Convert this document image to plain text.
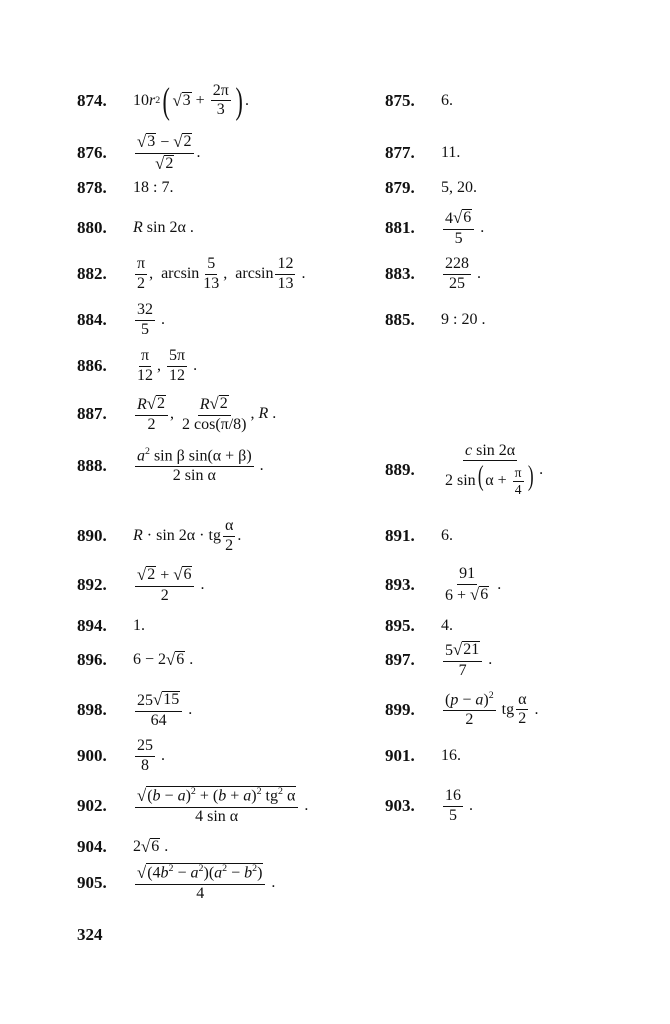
874.	10 r 2 ( √ $3 + \frac{2\pi}{3}$ ) .	875.	6.
876.	$\frac{√ 3 - √ 2}{√ 2}$ .	877.	11.
878.	18 : 7.	879.	5, 20.
880.	R sin 2α .	881.	$\frac{4 √ 6}{5}$ .
882.	$\frac{\pi}{2}$ ,  $\arcsin \frac{5}{13}$ ,  $\arcsin \frac{12}{13}$ .	883.	$\frac{228}{25}$ .
884.	$\frac{32}{5}$ .	885.	9 : 20 .
886.	$\frac{\pi}{12}$ , $\frac{5\pi}{12}$ .
887.	$\frac{R √ 2}{2}$ , $\frac{R √ 2}{2 \cos(\pi/8)}$ , R .
888.	$\frac{a^2 \sin \beta \sin(\alpha + \beta)}{\text{2 sin α}}$ .	889.	$\frac{\text{c sin 2α}}{2 \sin( \alpha + \frac{\pi}{4} )}$ .
890.	R · sin 2α · tg $\frac{\alpha}{2}$ .	891.	6.
892.	$\frac{√ 2 + √ 6}{2}$ .	893.	$\frac{91}{6 + √ 6}$ .
894.	1.	895.	4.
896.	6 − 2 √ 6 .	897.	$\frac{5 √ 21}{7}$ .
898.	$\frac{25 √ 15}{64}$ .	899.	$\frac{(p - a)^2}{2}$ tg $\frac{\alpha}{2}$ .
900.	$\frac{25}{8}$ .	901.	16.
902.	$\frac{√ (b - a)^2 + (b + a)^2 tg^2 \alpha}{\text{4 sin α}}$ .	903.	$\frac{16}{5}$ .
904.	2 √ 6 .
905.	$\frac{√ (4b^2 - a^2)(a^2 - b^2)}{4}$ .
324
